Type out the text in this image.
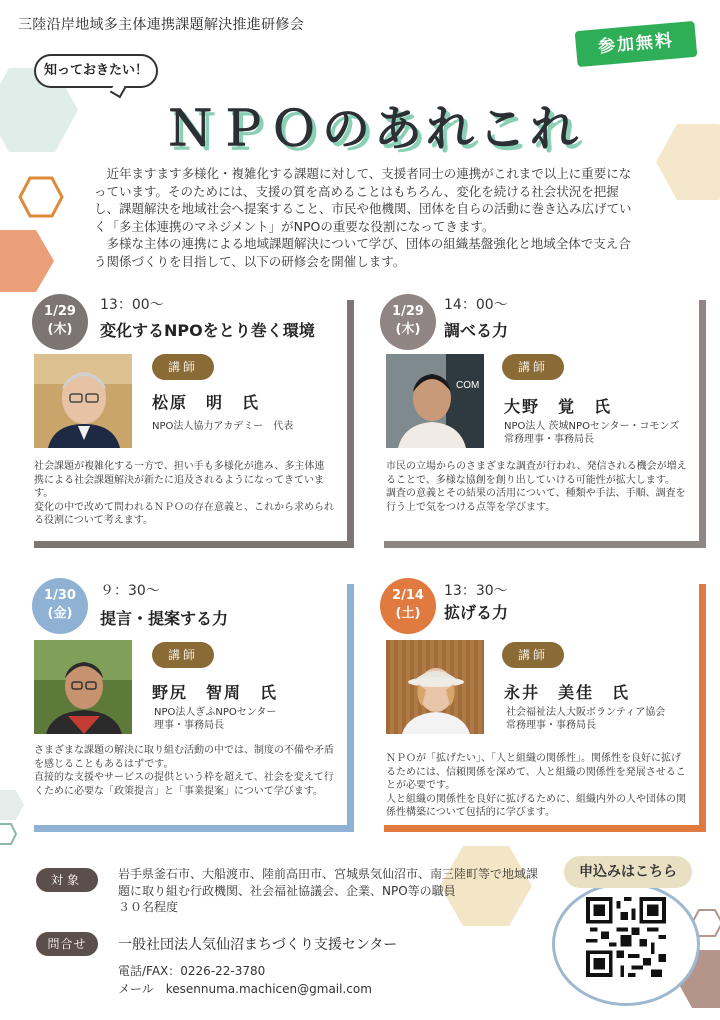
三陸沿岸地域多主体連携課題解決推進研修会
参加無料
知っておきたい！
ＮＰＯのあれこれ

近年ますます多様化・複雑化する課題に対して、支援者同士の連携がこれまで以上に重要になっています。そのためには、支援の質を高めることはもちろん、変化を続ける社会状況を把握し、課題解決を地域社会へ提案すること、市民や他機関、団体を自らの活動に巻き込み広げていく「多主体連携のマネジメント」がNPOの重要な役割になってきます。

多様な主体の連携による地域課題解決について学び、団体の組織基盤強化と地域全体で支え合う関係づくりを目指して、以下の研修会を開催します。

1/29
(木)
13：00〜
変化するNPOをとり巻く環境
講師
松原　明　氏
NPO法人協力アカデミー　代表
社会課題が複雑化する一方で、担い手も多様化が進み、多主体連携による社会課題解決が新たに追及されるようになってきています。
変化の中で改めて問われるＮＰＯの存在意義と、これから求められる役割について考えます。
1/29
(木)
14：00〜
調べる力
COM
講師
大野　覚　氏
NPO法人 茨城NPOセンター・コモンズ
常務理事・事務局長
市民の立場からのさまざまな調査が行われ、発信される機会が増えることで、多様な協創を創り出していける可能性が拡大します。
調査の意義とその結果の活用について、種類や手法、手順、調査を行う上で気をつける点等を学びます。
1/30
(金)
９：30〜
提言・提案する力
講師
野尻　智周　氏
NPO法人ぎふNPOセンター
理事・事務局長
さまざまな課題の解決に取り組む活動の中では、制度の不備や矛盾を感じることもあるはずです。
直接的な支援やサービスの提供という枠を超えて、社会を変えて行くために必要な「政策提言」と「事業提案」について学びます。
2/14
(土)
13：30〜
拡げる力
講師
永井　美佳　氏
社会福祉法人大阪ボランティア協会
常務理事・事務局長
ＮＰＯが「拡げたい」、「人と組織の関係性」。関係性を良好に拡げるためには、信頼関係を深めて、人と組織の関係性を発展させることが必要です。
人と組織の関係性を良好に拡げるために、組織内外の人や団体の関係性構築について包括的に学びます。
対象	岩手県釜石市、大船渡市、陸前高田市、宮城県気仙沼市、南三陸町等で地域課題に取り組む行政機関、社会福祉協議会、企業、NPO等の職員
３０名程度
問合せ	一般社団法人気仙沼まちづくり支援センター
電話/FAX：0226-22-3780
メール　kesennuma.machicen@gmail.com
申込みはこちら
